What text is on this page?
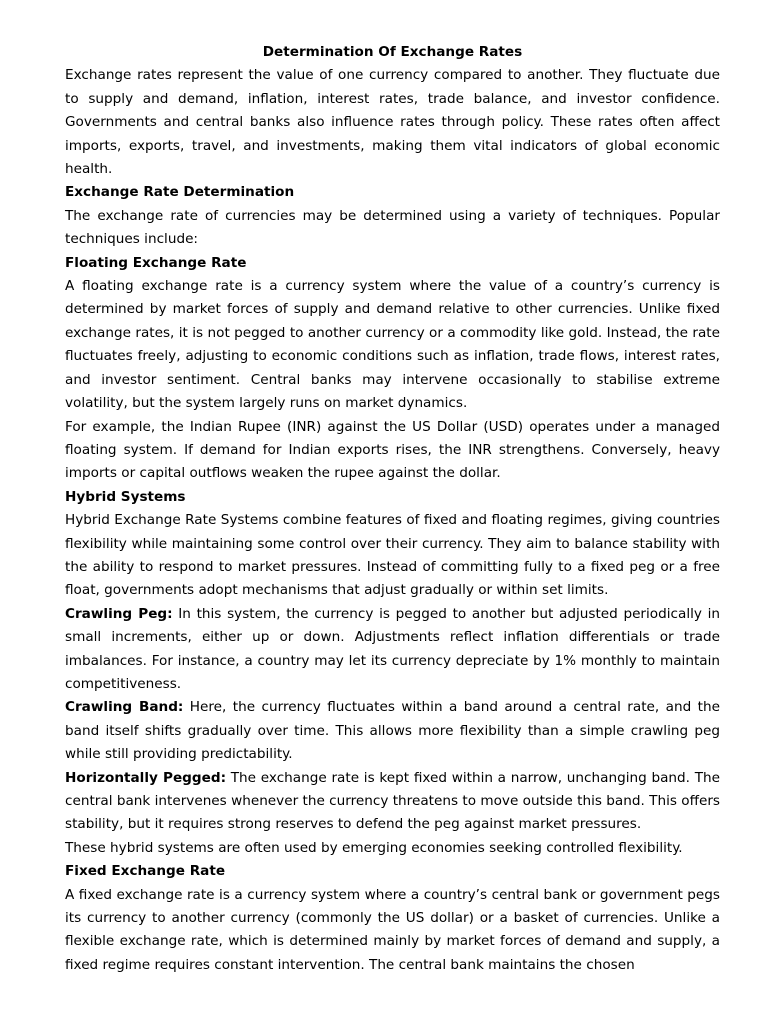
Determination Of Exchange Rates

Exchange rates represent the value of one currency compared to another. They fluctuate due to supply and demand, inflation, interest rates, trade balance, and investor confidence. Governments and central banks also influence rates through policy. These rates often affect imports, exports, travel, and investments, making them vital indicators of global economic health.

Exchange Rate Determination

The exchange rate of currencies may be determined using a variety of techniques. Popular techniques include:

Floating Exchange Rate

A floating exchange rate is a currency system where the value of a country’s currency is determined by market forces of supply and demand relative to other currencies. Unlike fixed exchange rates, it is not pegged to another currency or a commodity like gold. Instead, the rate fluctuates freely, adjusting to economic conditions such as inflation, trade flows, interest rates, and investor sentiment. Central banks may intervene occasionally to stabilise extreme volatility, but the system largely runs on market dynamics.

For example, the Indian Rupee (INR) against the US Dollar (USD) operates under a managed floating system. If demand for Indian exports rises, the INR strengthens. Conversely, heavy imports or capital outflows weaken the rupee against the dollar.

Hybrid Systems

Hybrid Exchange Rate Systems combine features of fixed and floating regimes, giving countries flexibility while maintaining some control over their currency. They aim to balance stability with the ability to respond to market pressures. Instead of committing fully to a fixed peg or a free float, governments adopt mechanisms that adjust gradually or within set limits.

Crawling Peg: In this system, the currency is pegged to another but adjusted periodically in small increments, either up or down. Adjustments reflect inflation differentials or trade imbalances. For instance, a country may let its currency depreciate by 1% monthly to maintain competitiveness.

Crawling Band: Here, the currency fluctuates within a band around a central rate, and the band itself shifts gradually over time. This allows more flexibility than a simple crawling peg while still providing predictability.

Horizontally Pegged: The exchange rate is kept fixed within a narrow, unchanging band. The central bank intervenes whenever the currency threatens to move outside this band. This offers stability, but it requires strong reserves to defend the peg against market pressures.

These hybrid systems are often used by emerging economies seeking controlled flexibility.

Fixed Exchange Rate

A fixed exchange rate is a currency system where a country’s central bank or government pegs its currency to another currency (commonly the US dollar) or a basket of currencies. Unlike a flexible exchange rate, which is determined mainly by market forces of demand and supply, a fixed regime requires constant intervention. The central bank maintains the chosen
